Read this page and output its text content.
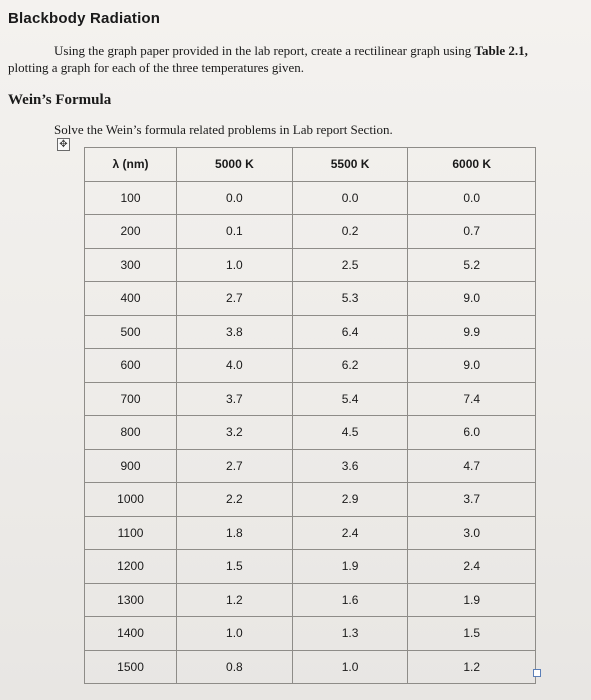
Blackbody Radiation
Using the graph paper provided in the lab report, create a rectilinear graph using Table 2.1, plotting a graph for each of the three temperatures given.
Wein’s Formula
Solve the Wein’s formula related problems in Lab report Section.
✥
λ (nm)	5000 K	5500 K	6000 K
100	0.0	0.0	0.0
200	0.1	0.2	0.7
300	1.0	2.5	5.2
400	2.7	5.3	9.0
500	3.8	6.4	9.9
600	4.0	6.2	9.0
700	3.7	5.4	7.4
800	3.2	4.5	6.0
900	2.7	3.6	4.7
1000	2.2	2.9	3.7
1100	1.8	2.4	3.0
1200	1.5	1.9	2.4
1300	1.2	1.6	1.9
1400	1.0	1.3	1.5
1500	0.8	1.0	1.2
